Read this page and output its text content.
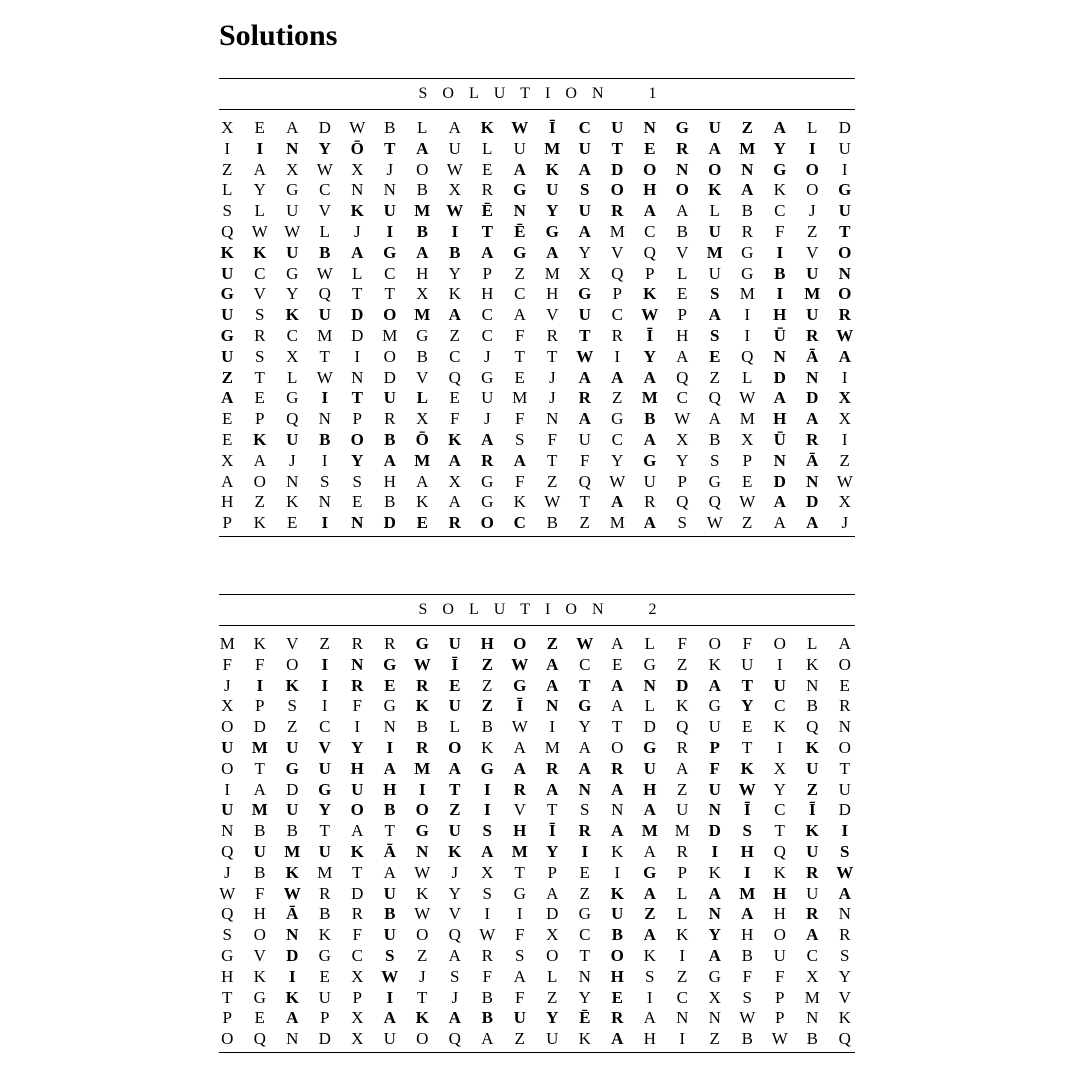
Solutions
SOLUTION 1
X	E	A	D	W	B	L	A	K	W	Ī	C	U	N	G	U	Z	A	L	D
I	I	N	Y	Ō	T	A	U	L	U	M	U	T	E	R	A	M	Y	I	U
Z	A	X	W	X	J	O	W	E	A	K	A	D	O	N	O	N	G	O	I
L	Y	G	C	N	N	B	X	R	G	U	S	O	H	O	K	A	K	O	G
S	L	U	V	K	U	M W	Ē	N	Y	U	R	A	A	L	B	C	J	U
Q	W W	L	J	I	B	I	T	Ē	G	A	M	C	B	U	R	F	Z	T
K	K	U	B	A	G	A	B	A	G	A	Y	V	Q	V	M	G	I	V	O
U	C	G	W	L	C	H	Y	P	Z	M	X	Q	P	L	U	G	B	U	N
G	V	Y	Q	T	T	X	K	H	C	H	G	P	K	E	S	M	I	M	O
U	S	K	U	D	O	M	A	C	A	V	U	C	W	P	A	I	H	U	R
G	R	C	M	D	M	G	Z	C	F	R	T	R	Ī	H	S	I	Ū	R	W
U	S	X	T	I	O	B	C	J	T	T	W	I	Y	A	E	Q	N	Ā	A
Z	T	L	W	N	D	V	Q	G	E	J	A	A	A	Q	Z	L	D	N	I
A	E	G	I	T	U	L	E	U	M	J	R	Z	M	C	Q	W	A	D	X
E	P	Q	N	P	R	X	F	J	F	N	A	G	B	W	A	M	H	A	X
E	K	U	B	O	B	Ō	K	A	S	F	U	C	A	X	B	X	Ū	R	I
X	A	J	I	Y	A	M	A	R	A	T	F	Y	G	Y	S	P	N	Ā	Z
A	O	N	S	S	H	A	X	G	F	Z	Q	W	U	P	G	E	D	N	W
H	Z	K	N	E	B	K	A	G	K	W	T	A	R	Q	Q	W	A	D	X
P	K	E	I	N	D	E	R	O	C	B	Z	M	A	S	W	Z	A	A	J
SOLUTION 2
M	K	V	Z	R	R	G	U	H	O	Z	W	A	L	F	O	F	O	L	A
F	F	O	I	N	G	W	Ī	Z	W	A	C	E	G	Z	K	U	I	K	O
J	I	K	I	R	E	R	E	Z	G	A	T	A	N	D	A	T	U	N	E
X	P	S	I	F	G	K	U	Z	Ī	N	G	A	L	K	G	Y	C	B	R
O	D	Z	C	I	N	B	L	B	W	I	Y	T	D	Q	U	E	K	Q	N
U	M	U	V	Y	I	R	O	K	A	M	A	O	G	R	P	T	I	K	O
O	T	G	U	H	A	M	A	G	A	R	A	R	U	A	F	K	X	U	T
I	A	D	G	U	H	I	T	I	R	A	N	A	H	Z	U	W	Y	Z	U
U	M	U	Y	O	B	O	Z	I	V	T	S	N	A	U	N	Ī	C	Ī	D
N	B	B	T	A	T	G	U	S	H	Ī	R	A	M M	D	S	T	K	I
Q	U	M	U	K	Ā	N	K	A	M	Y	I	K	A	R	I	H	Q	U	S
J	B	K	M	T	A	W	J	X	T	P	E	I	G	P	K	I	K	R	W
W	F	W	R	D	U	K	Y	S	G	A	Z	K	A	L	A	M	H	U	A
Q	H	Ā	B	R	B	W	V	I	I	D	G	U	Z	L	N	A	H	R	N
S	O	N	K	F	U	O	Q	W	F	X	C	B	A	K	Y	H	O	A	R
G	V	D	G	C	S	Z	A	R	S	O	T	O	K	I	A	B	U	C	S
H	K	I	E	X	W	J	S	F	A	L	N	H	S	Z	G	F	F	X	Y
T	G	K	U	P	I	T	J	B	F	Z	Y	E	I	C	X	S	P	M	V
P	E	A	P	X	A	K	A	B	U	Y	Ē	R	A	N	N	W	P	N	K
O	Q	N	D	X	U	O	Q	A	Z	U	K	A	H	I	Z	B	W	B	Q
